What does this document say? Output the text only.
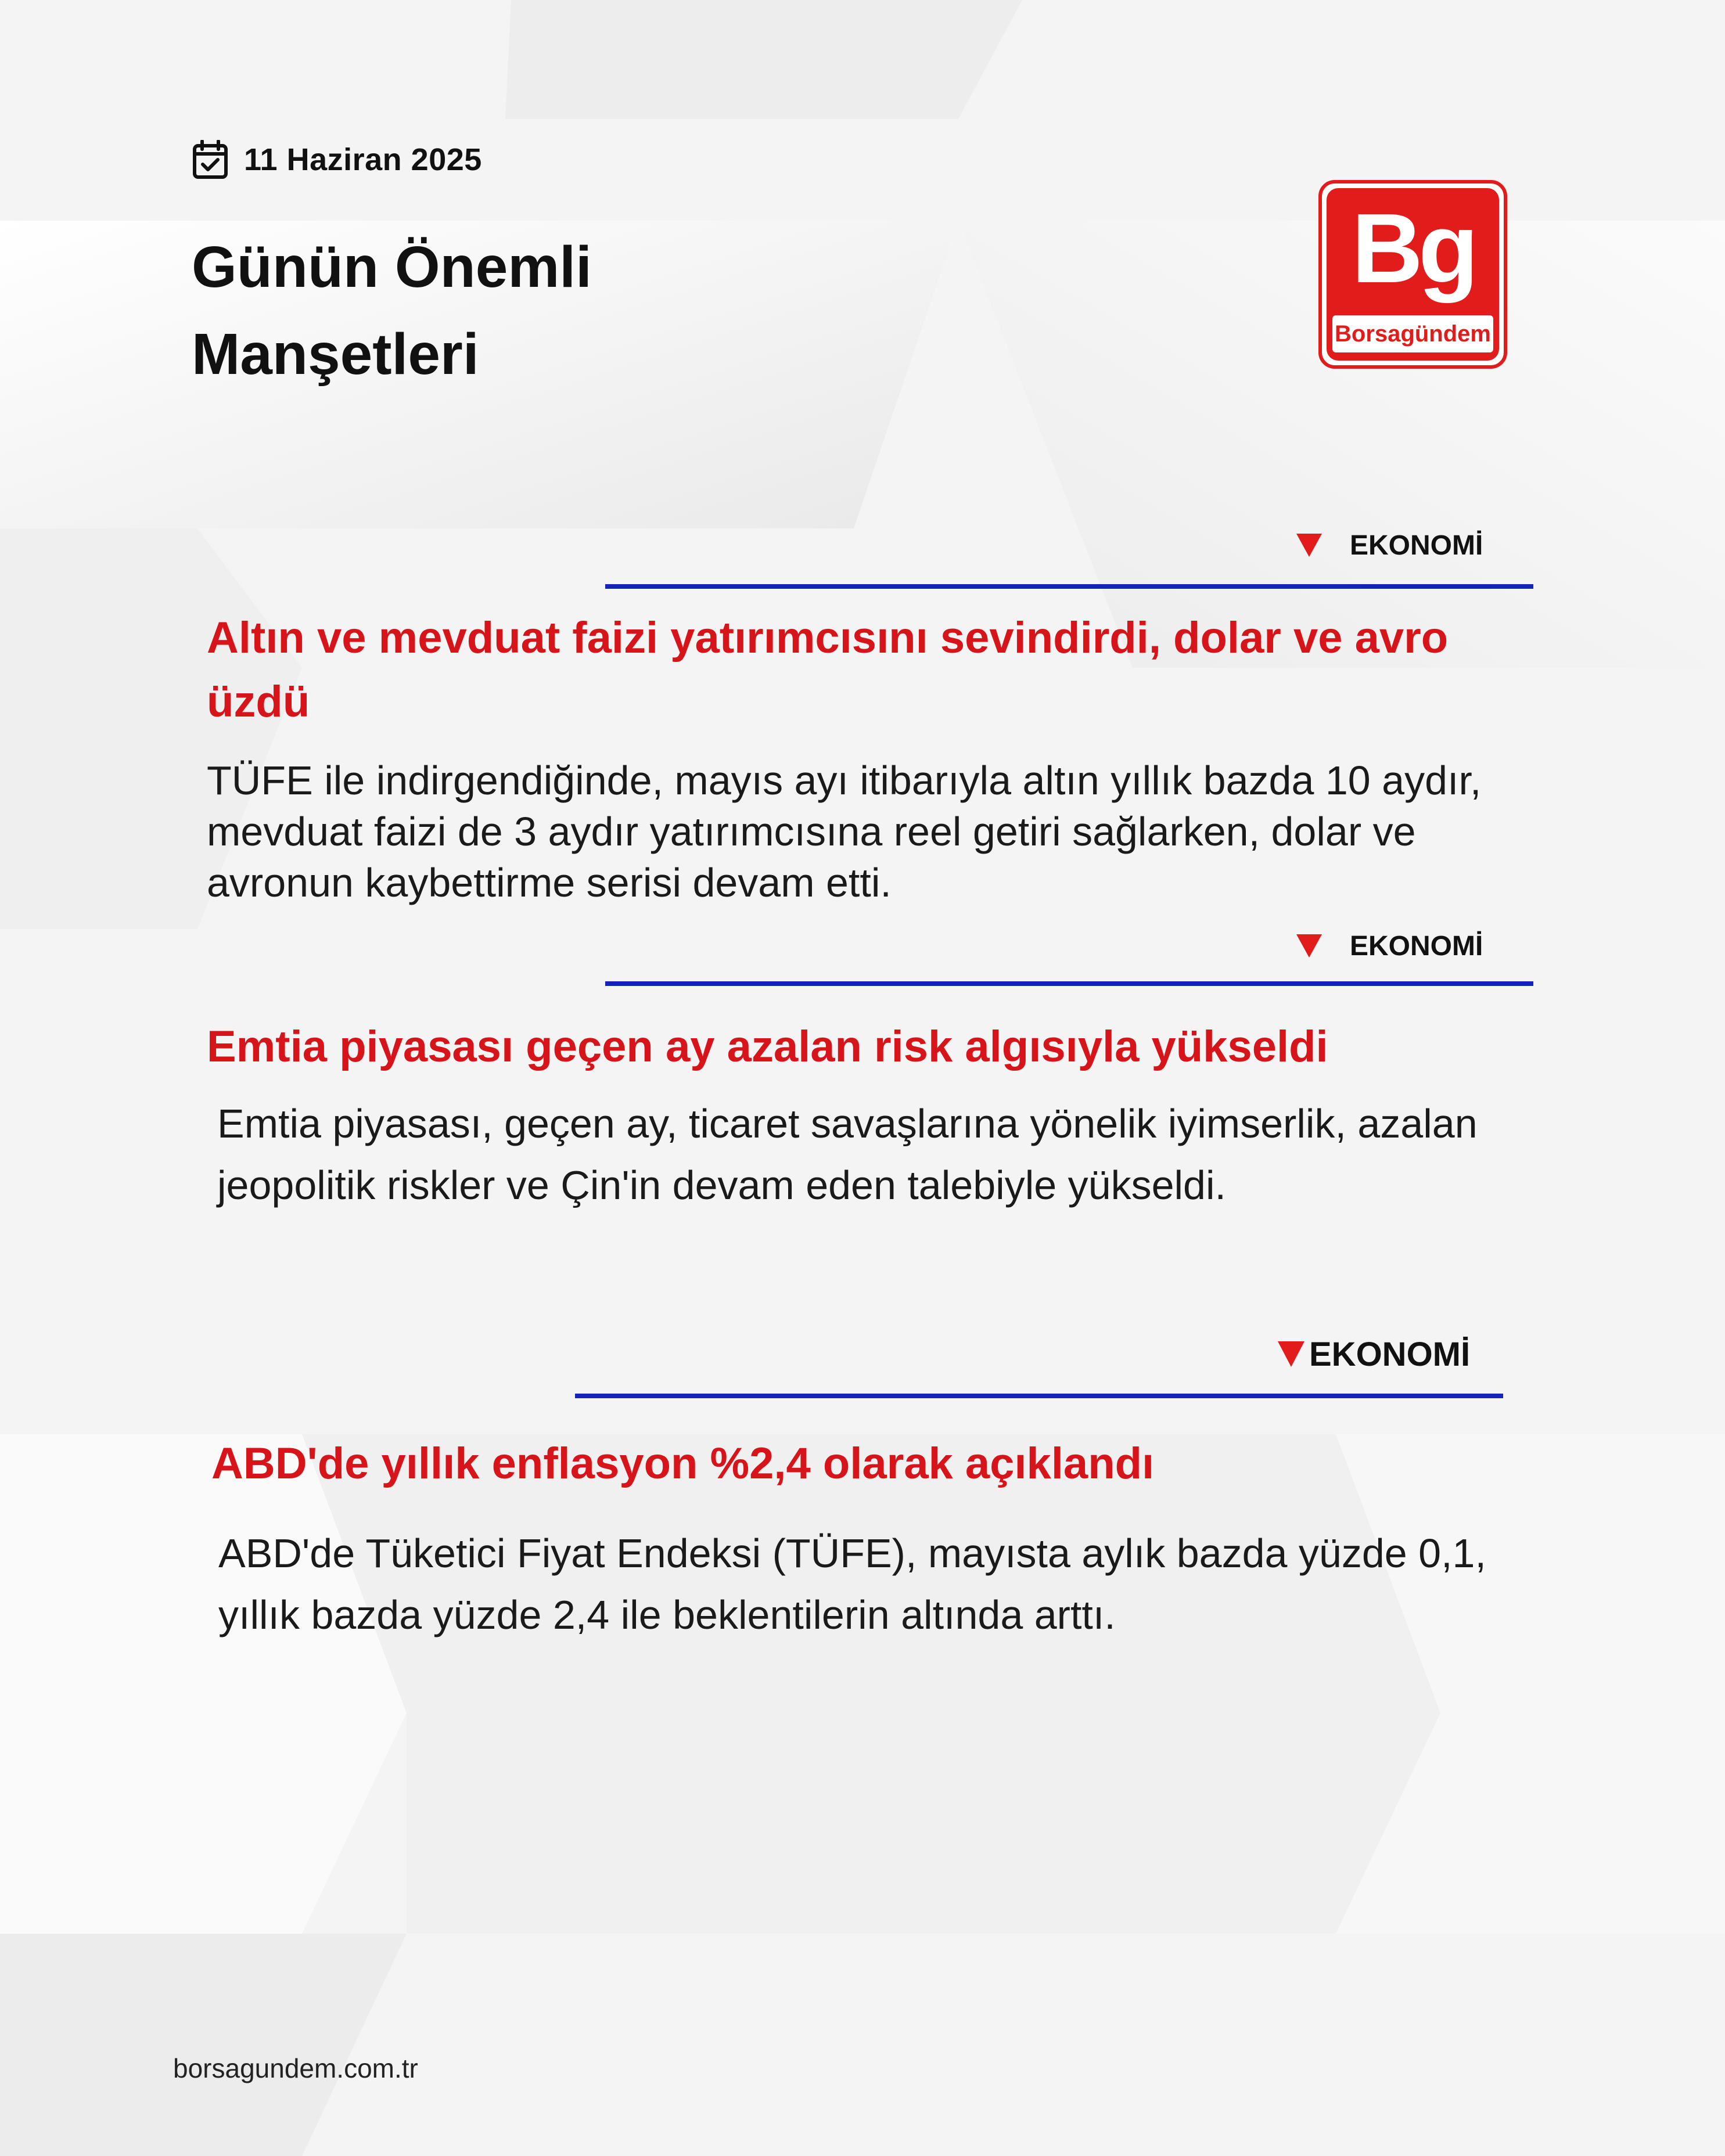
11 Haziran 2025
Günün Önemli
Manşetleri
Bg
Borsagündem
EKONOMİ
Altın ve mevduat faizi yatırımcısını sevindirdi, dolar ve avro üzdü
TÜFE ile indirgendiğinde, mayıs ayı itibarıyla altın yıllık bazda 10 aydır, mevduat faizi de 3 aydır yatırımcısına reel getiri sağlarken, dolar ve avronun kaybettirme serisi devam etti.
EKONOMİ
Emtia piyasası geçen ay azalan risk algısıyla yükseldi
Emtia piyasası, geçen ay, ticaret savaşlarına yönelik iyimserlik, azalan jeopolitik riskler ve Çin'in devam eden talebiyle yükseldi.
EKONOMİ
ABD'de yıllık enflasyon %2,4 olarak açıklandı
ABD'de Tüketici Fiyat Endeksi (TÜFE), mayısta aylık bazda yüzde 0,1, yıllık bazda yüzde 2,4 ile beklentilerin altında arttı.
borsagundem.com.tr
